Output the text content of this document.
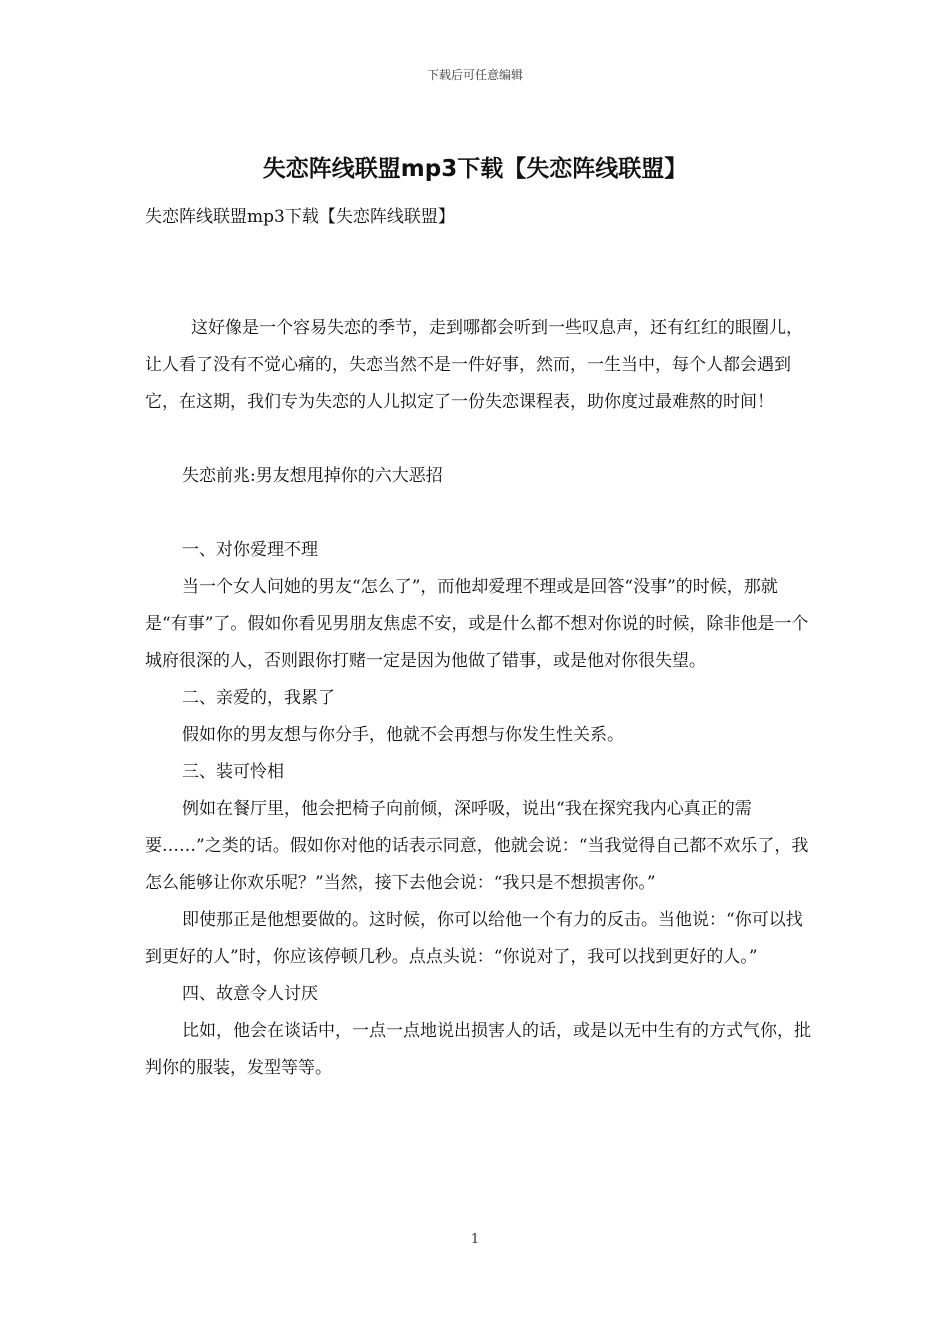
下载后可任意编辑
失恋阵线联盟mp3下载【失恋阵线联盟】

失恋阵线联盟mp3下载【失恋阵线联盟】

这好像是一个容易失恋的季节，走到哪都会听到一些叹息声，还有红红的眼圈儿，让人看了没有不觉心痛的，失恋当然不是一件好事，然而，一生当中，每个人都会遇到它，在这期，我们专为失恋的人儿拟定了一份失恋课程表，助你度过最难熬的时间！

失恋前兆:男友想甩掉你的六大恶招

一、对你爱理不理

当一个女人问她的男友“怎么了”，而他却爱理不理或是回答“没事”的时候，那就是“有事”了。假如你看见男朋友焦虑不安，或是什么都不想对你说的时候，除非他是一个城府很深的人，否则跟你打赌一定是因为他做了错事，或是他对你很失望。

二、亲爱的，我累了

假如你的男友想与你分手，他就不会再想与你发生性关系。

三、装可怜相

例如在餐厅里，他会把椅子向前倾，深呼吸，说出“我在探究我内心真正的需要……”之类的话。假如你对他的话表示同意，他就会说：“当我觉得自己都不欢乐了，我怎么能够让你欢乐呢？”当然，接下去他会说：“我只是不想损害你。”

即使那正是他想要做的。这时候，你可以给他一个有力的反击。当他说：“你可以找到更好的人”时，你应该停顿几秒。点点头说：“你说对了，我可以找到更好的人。”

四、故意令人讨厌

比如，他会在谈话中，一点一点地说出损害人的话，或是以无中生有的方式气你，批判你的服装，发型等等。

1
